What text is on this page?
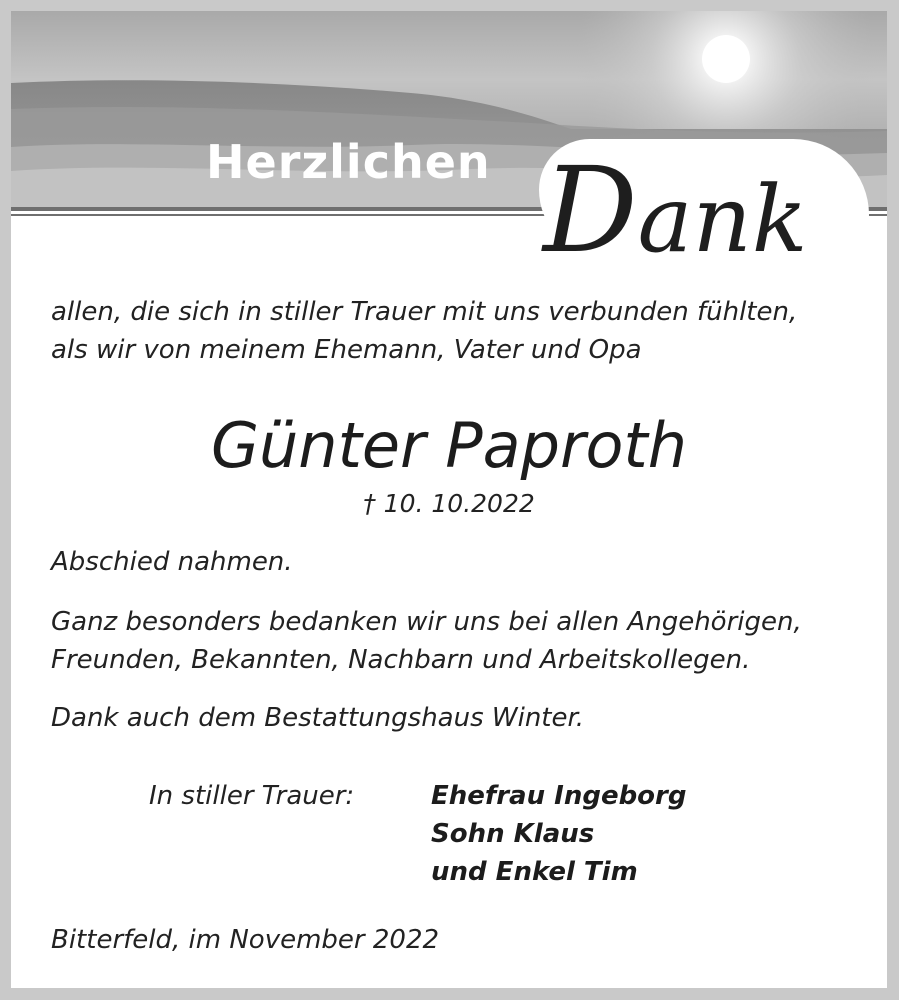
Herzlichen Dank
allen, die sich in stiller Trauer mit uns verbunden fühlten,
als wir von meinem Ehemann, Vater und Opa
Günter Paproth
† 10. 10.2022
Abschied nahmen.
Ganz besonders bedanken wir uns bei allen Angehörigen,
Freunden, Bekannten, Nachbarn und Arbeitskollegen.
Dank auch dem Bestattungshaus Winter.
In stiller Trauer:	Ehefrau Ingeborg
Sohn Klaus
und Enkel Tim
Bitterfeld, im November 2022
